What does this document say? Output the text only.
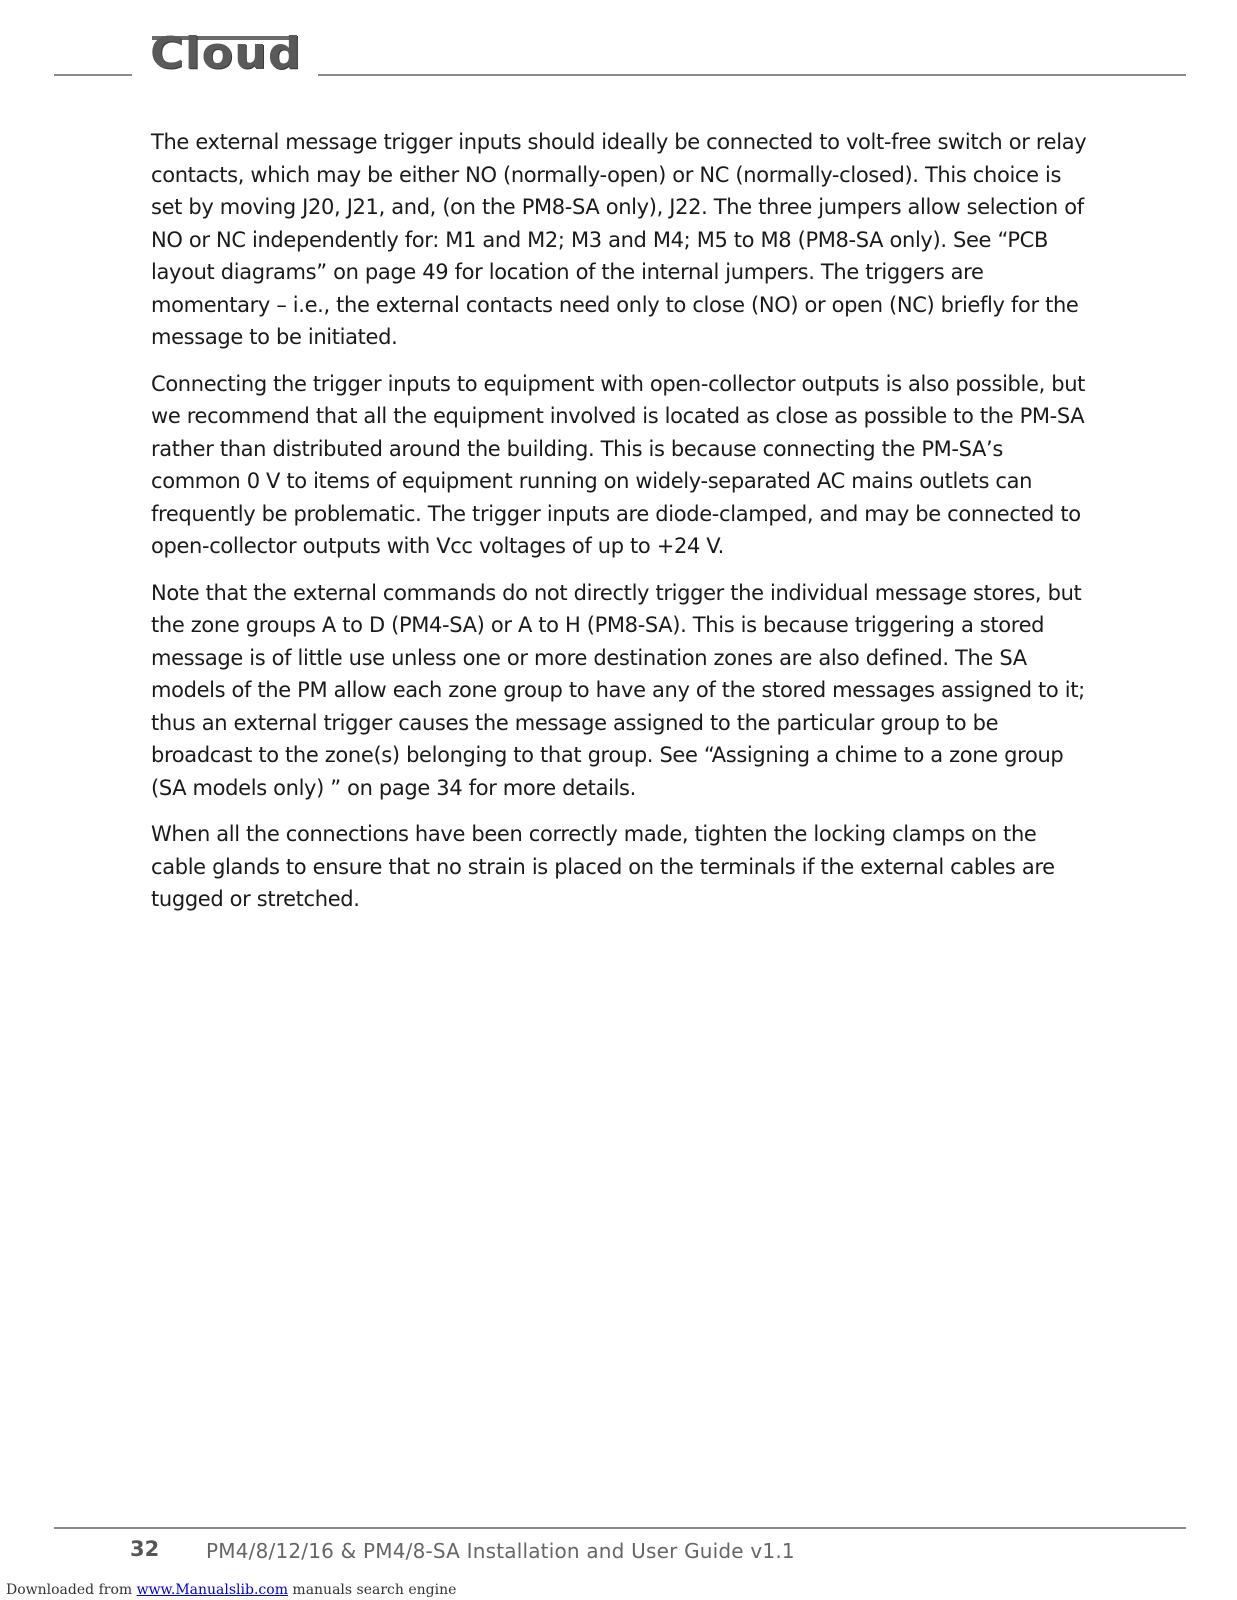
Cloud

The external message trigger inputs should ideally be connected to volt-free switch or relay contacts, which may be either NO (normally-open) or NC (normally-closed). This choice is set by moving J20, J21, and, (on the PM8-SA only), J22. The three jumpers allow selection of NO or NC independently for: M1 and M2; M3 and M4; M5 to M8 (PM8-SA only). See “PCB layout diagrams” on page 49 for location of the internal jumpers. The triggers are momentary – i.e., the external contacts need only to close (NO) or open (NC) briefly for the message to be initiated.

Connecting the trigger inputs to equipment with open-collector outputs is also possible, but we recommend that all the equipment involved is located as close as possible to the PM-SA rather than distributed around the building. This is because connecting the PM-SA’s common 0 V to items of equipment running on widely-separated AC mains outlets can frequently be problematic. The trigger inputs are diode-clamped, and may be connected to open-collector outputs with Vcc voltages of up to +24 V.

Note that the external commands do not directly trigger the individual message stores, but the zone groups A to D (PM4-SA) or A to H (PM8-SA). This is because triggering a stored message is of little use unless one or more destination zones are also defined. The SA models of the PM allow each zone group to have any of the stored messages assigned to it; thus an external trigger causes the message assigned to the particular group to be broadcast to the zone(s) belonging to that group. See “Assigning a chime to a zone group (SA models only) ” on page 34 for more details.

When all the connections have been correctly made, tighten the locking clamps on the cable glands to ensure that no strain is placed on the terminals if the external cables are tugged or stretched.

32 PM4/8/12/16 & PM4/8-SA Installation and User Guide v1.1
Downloaded from www.Manualslib.com manuals search engine
